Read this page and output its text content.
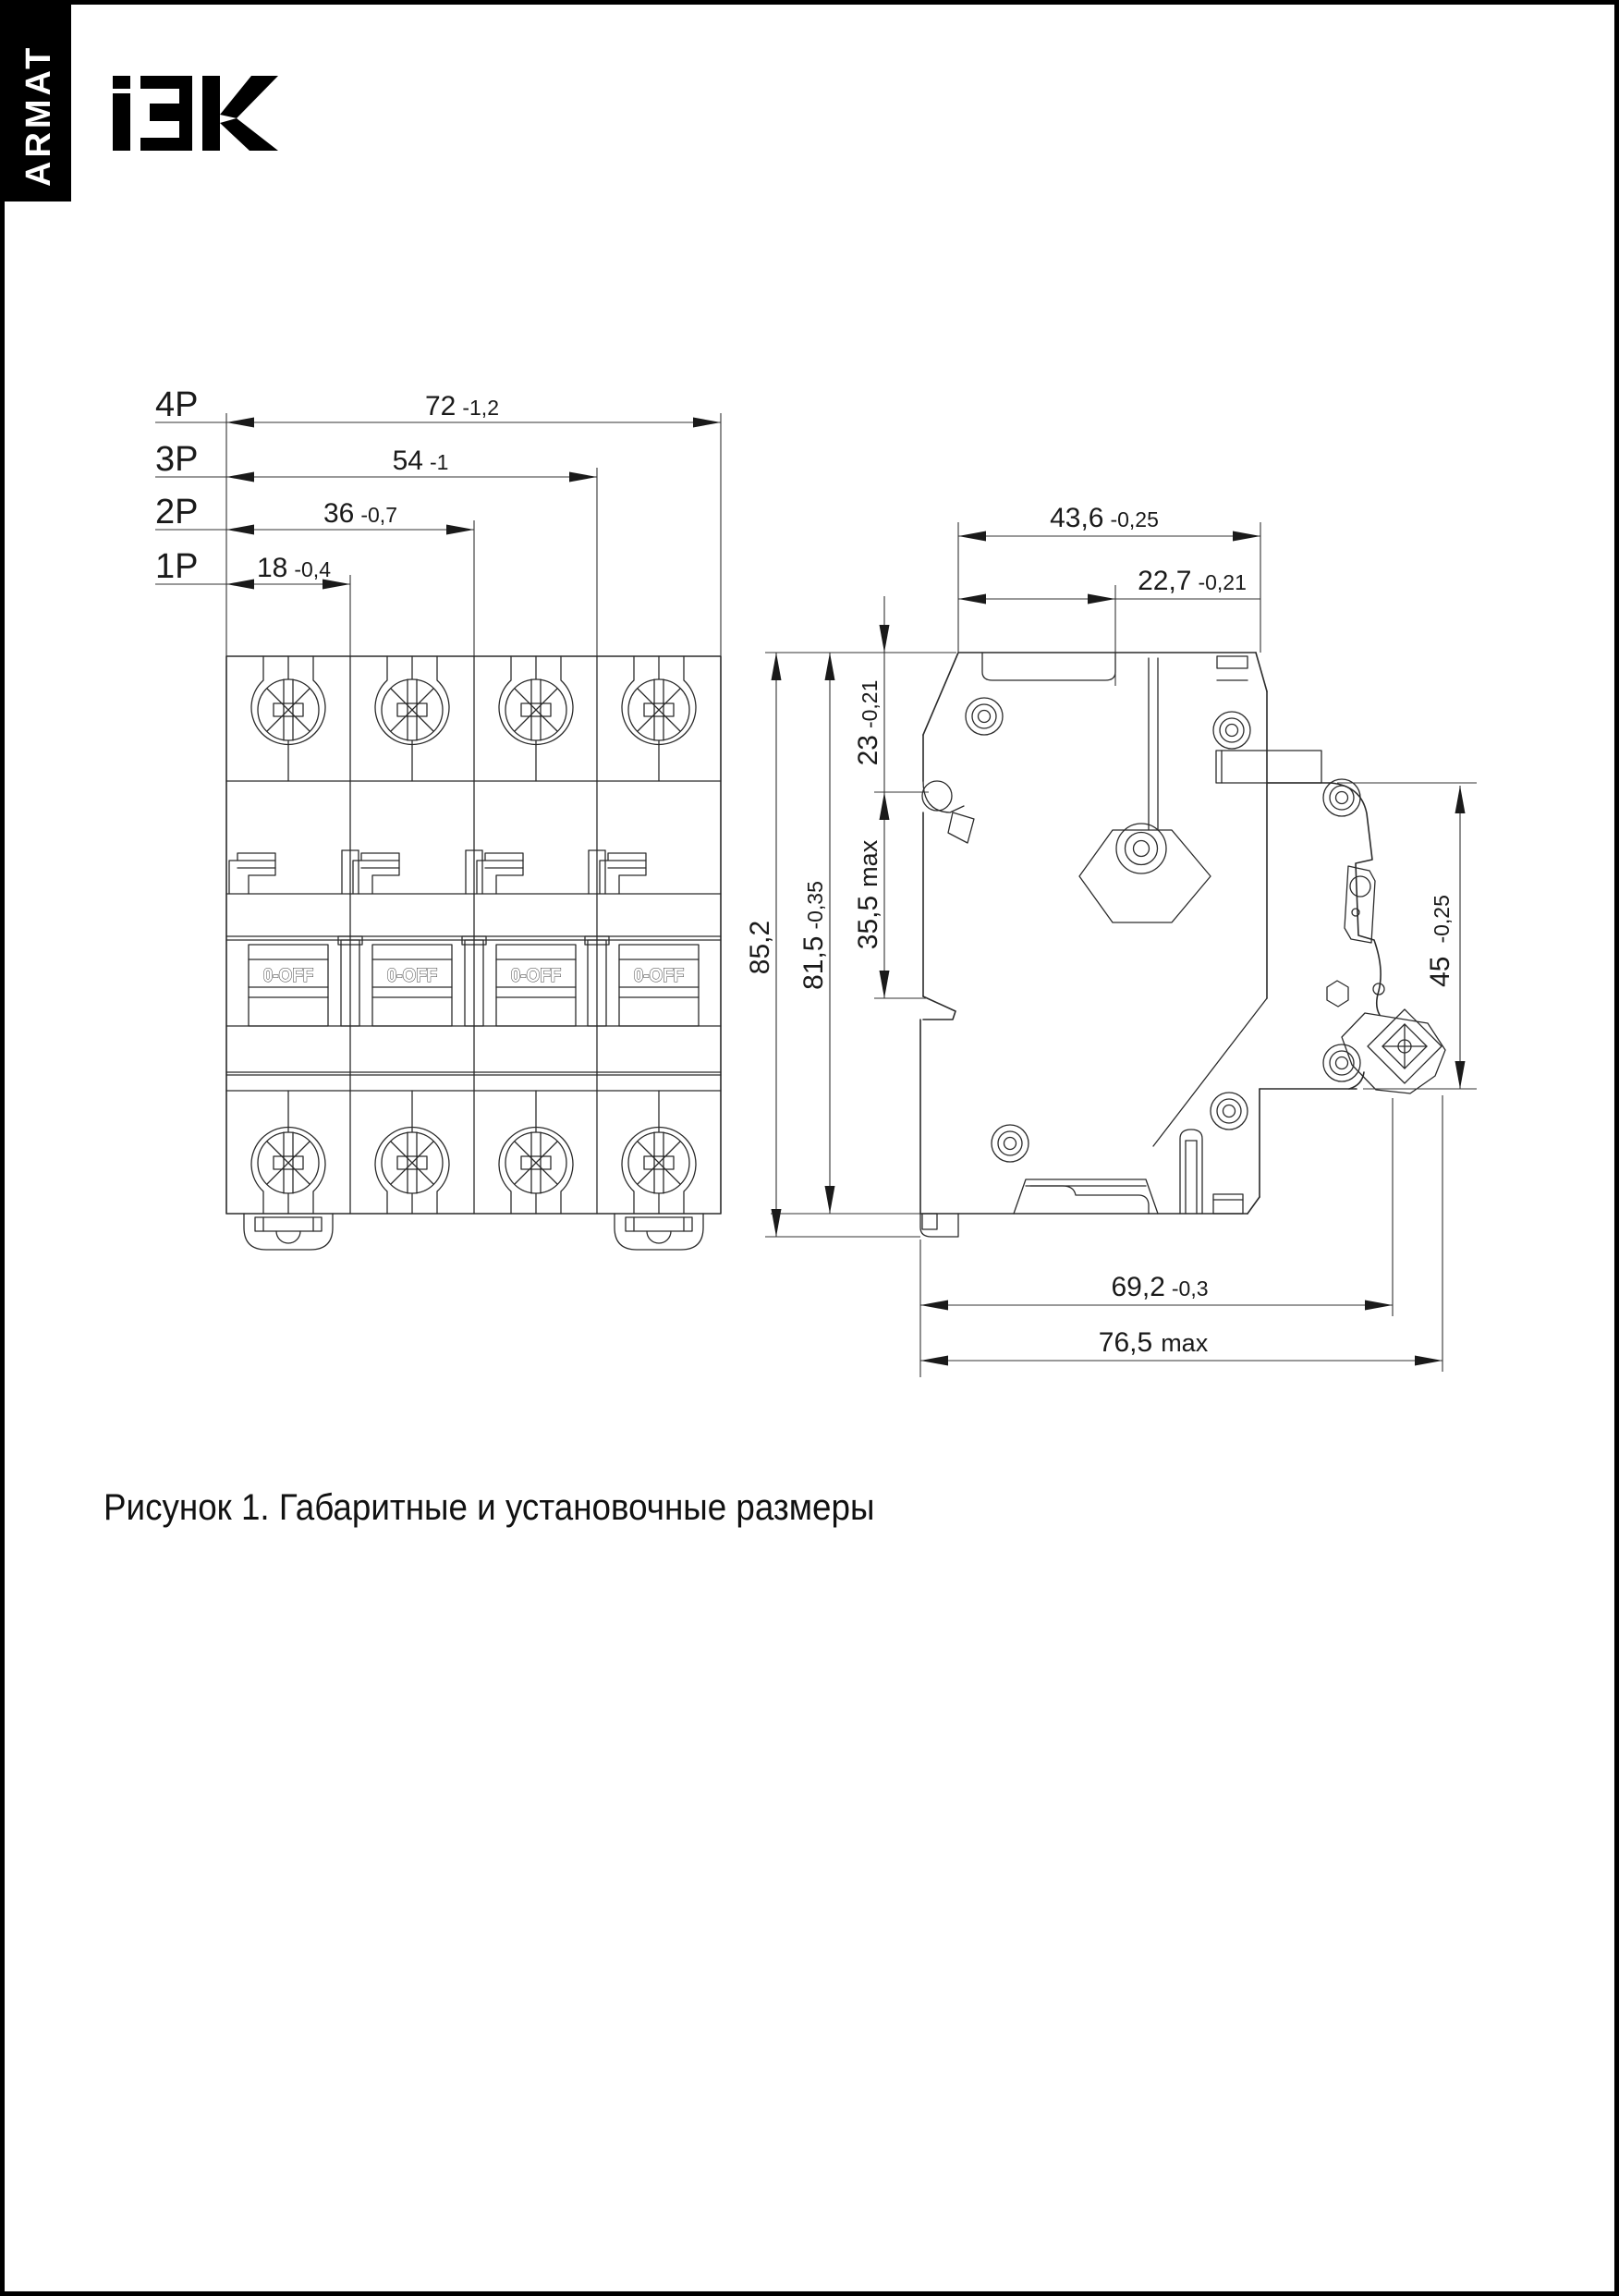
ARMAT
0-OFF	0-OFF	0-OFF	0-OFF
4P
3P
2P
1P
72 -1,2
54 -1
36 -0,7
18 -0,4
43,6 -0,25
22,7 -0,21
69,2 -0,3
76,5 max
85,2 81,5-0,35
23-0,21
35,5max
45-0,25
Рисунок 1. Габаритные и установочные размеры
